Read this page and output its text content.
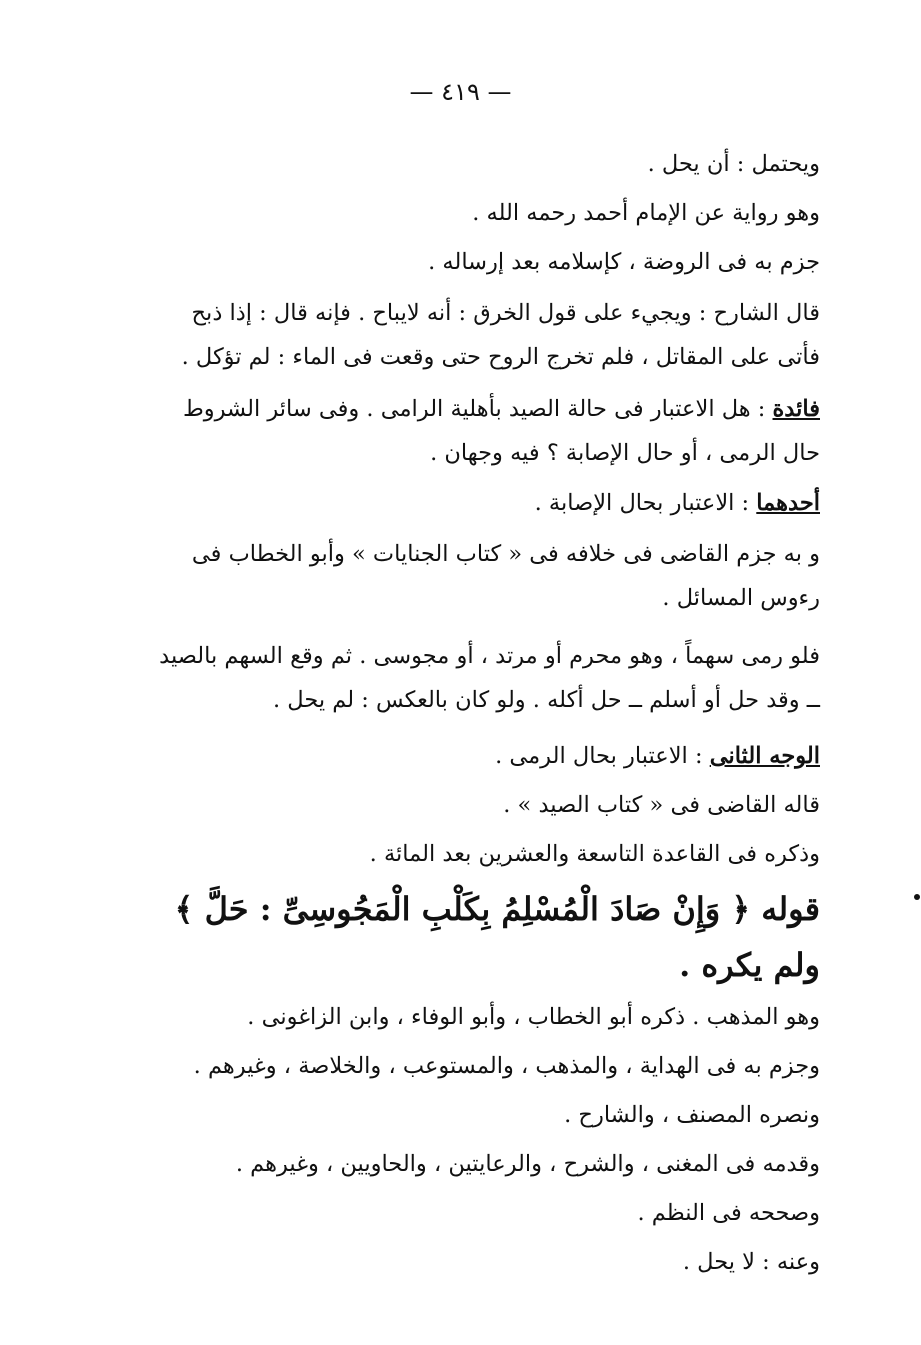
— ٤١٩ —

ويحتمل : أن يحل .

وهو رواية عن الإمام أحمد رحمه الله .

جزم به فى الروضة ، كإسلامه بعد إرساله .

قال الشارح : ويجيء على قول الخرق : أنه لايباح . فإنه قال : إذا ذبح فأتى على المقاتل ، فلم تخرج الروح حتى وقعت فى الماء : لم تؤكل .

فائدة : هل الاعتبار فى حالة الصيد بأهلية الرامى . وفى سائر الشروط حال الرمى ، أو حال الإصابة ؟ فيه وجهان .

أحدهما : الاعتبار بحال الإصابة .

و به جزم القاضى فى خلافه فى « كتاب الجنايات » وأبو الخطاب فى رءوس المسائل .

فلو رمى سهماً ، وهو محرم أو مرتد ، أو مجوسى . ثم وقع السهم بالصيد ــ وقد حل أو أسلم ــ حل أكله . ولو كان بالعكس : لم يحل .

الوجه الثانى : الاعتبار بحال الرمى .

قاله القاضى فى « كتاب الصيد » .

وذكره فى القاعدة التاسعة والعشرين بعد المائة .

قوله ﴿ وَإِنْ صَادَ الْمُسْلِمُ بِكَلْبِ الْمَجُوسِىِّ : حَلَّ ﴾ ولم يكره .

وهو المذهب . ذكره أبو الخطاب ، وأبو الوفاء ، وابن الزاغونى .

وجزم به فى الهداية ، والمذهب ، والمستوعب ، والخلاصة ، وغيرهم .

ونصره المصنف ، والشارح .

وقدمه فى المغنى ، والشرح ، والرعايتين ، والحاويين ، وغيرهم .

وصححه فى النظم .

وعنه : لا يحل .
